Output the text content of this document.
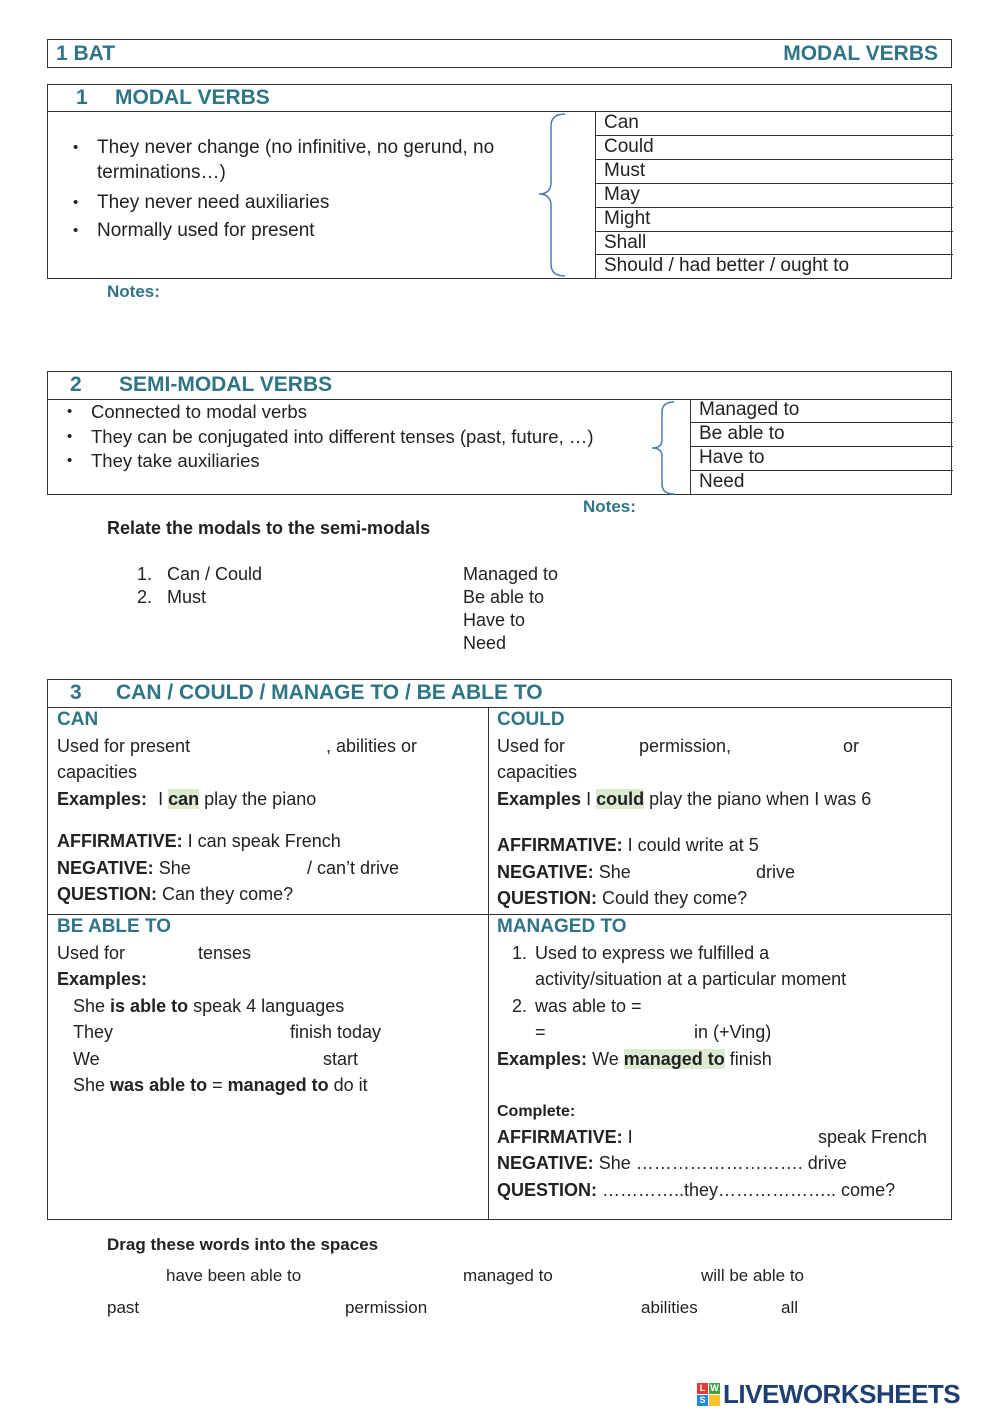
1 BAT	MODAL VERBS
1 MODAL VERBS
• They never change (no infinitive, no gerund, no
terminations…)
• They never need auxiliaries
• Normally used for present
Can
Could
Must
May
Might
Shall
Should / had better / ought to
Notes:
2 SEMI-MODAL VERBS
• Connected to modal verbs
• They can be conjugated into different tenses (past, future, …)
• They take auxiliaries
Managed to
Be able to
Have to
Need
Notes:
Relate the modals to the semi-modals
1. Can / Could
2. Must
Managed to
Be able to
Have to
Need
3 CAN / COULD / MANAGE TO / BE ABLE TO
CAN
Used for present	, abilities or
capacities
Examples: I can play the piano
AFFIRMATIVE: I can speak French
NEGATIVE: She	/ can’t drive
QUESTION: Can they come?
COULD
Used for	permission,	or
capacities
Examples I could play the piano when I was 6
AFFIRMATIVE: I could write at 5
NEGATIVE: She	drive
QUESTION: Could they come?
BE ABLE TO
Used for	tenses
Examples:
She is able to speak 4 languages
They	finish today
We	start
She was able to = managed to do it
MANAGED TO
1. Used to express we fulfilled a
activity/situation at a particular moment
2. was able to =
=	in (+Ving)
Examples: We managed to finish
Complete:
AFFIRMATIVE: I	speak French
NEGATIVE: She ………………………. drive
QUESTION: …………..they……………….. come?
Drag these words into the spaces
have been able to	managed to	will be able to
past	permission	abilities	all
L W
S LIVEWORKSHEETS
